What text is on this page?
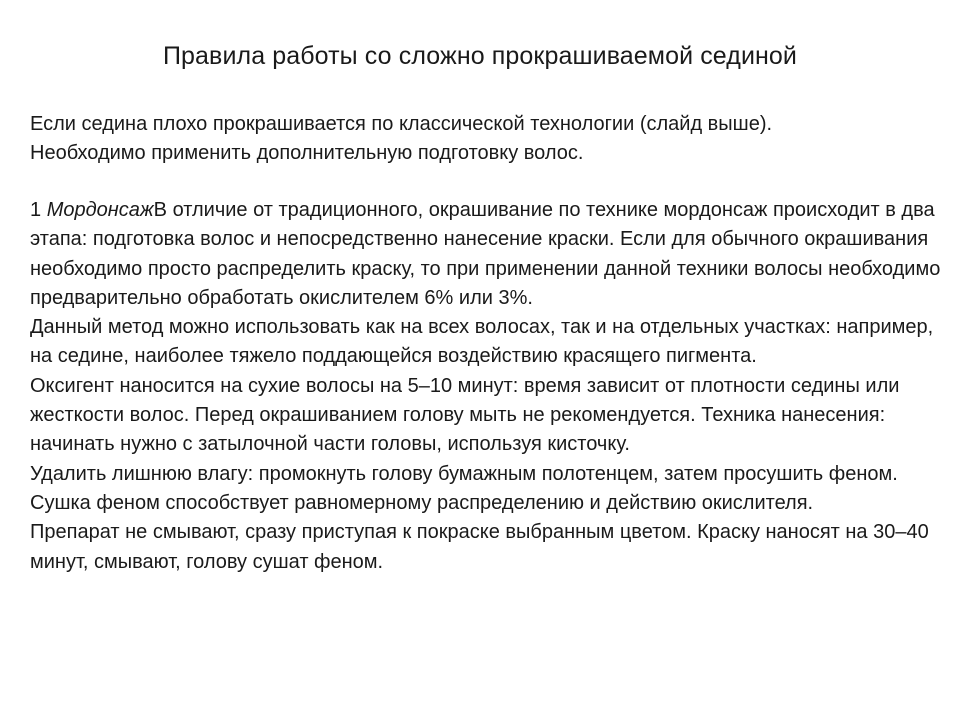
Правила работы со сложно прокрашиваемой сединой

Если седина плохо прокрашивается по классической технологии (слайд выше).

Необходимо применить дополнительную подготовку волос.

1 МордонсажВ отличие от традиционного, окрашивание по технике мордонсаж происходит в два этапа: подготовка волос и непосредственно нанесение краски. Если для обычного окрашивания необходимо просто распределить краску, то при применении данной техники волосы необходимо предварительно обработать окислителем 6% или 3%.

Данный метод можно использовать как на всех волосах, так и на отдельных участках: например, на седине, наиболее тяжело поддающейся воздействию красящего пигмента.

Оксигент наносится на сухие волосы на 5–10 минут: время зависит от плотности седины или жесткости волос. Перед окрашиванием голову мыть не рекомендуется. Техника нанесения: начинать нужно с затылочной части головы, используя кисточку.

Удалить лишнюю влагу: промокнуть голову бумажным полотенцем, затем просушить феном. Сушка феном способствует равномерному распределению и действию окислителя.

Препарат не смывают, сразу приступая к покраске выбранным цветом. Краску наносят на 30–40 минут, смывают, голову сушат феном.
